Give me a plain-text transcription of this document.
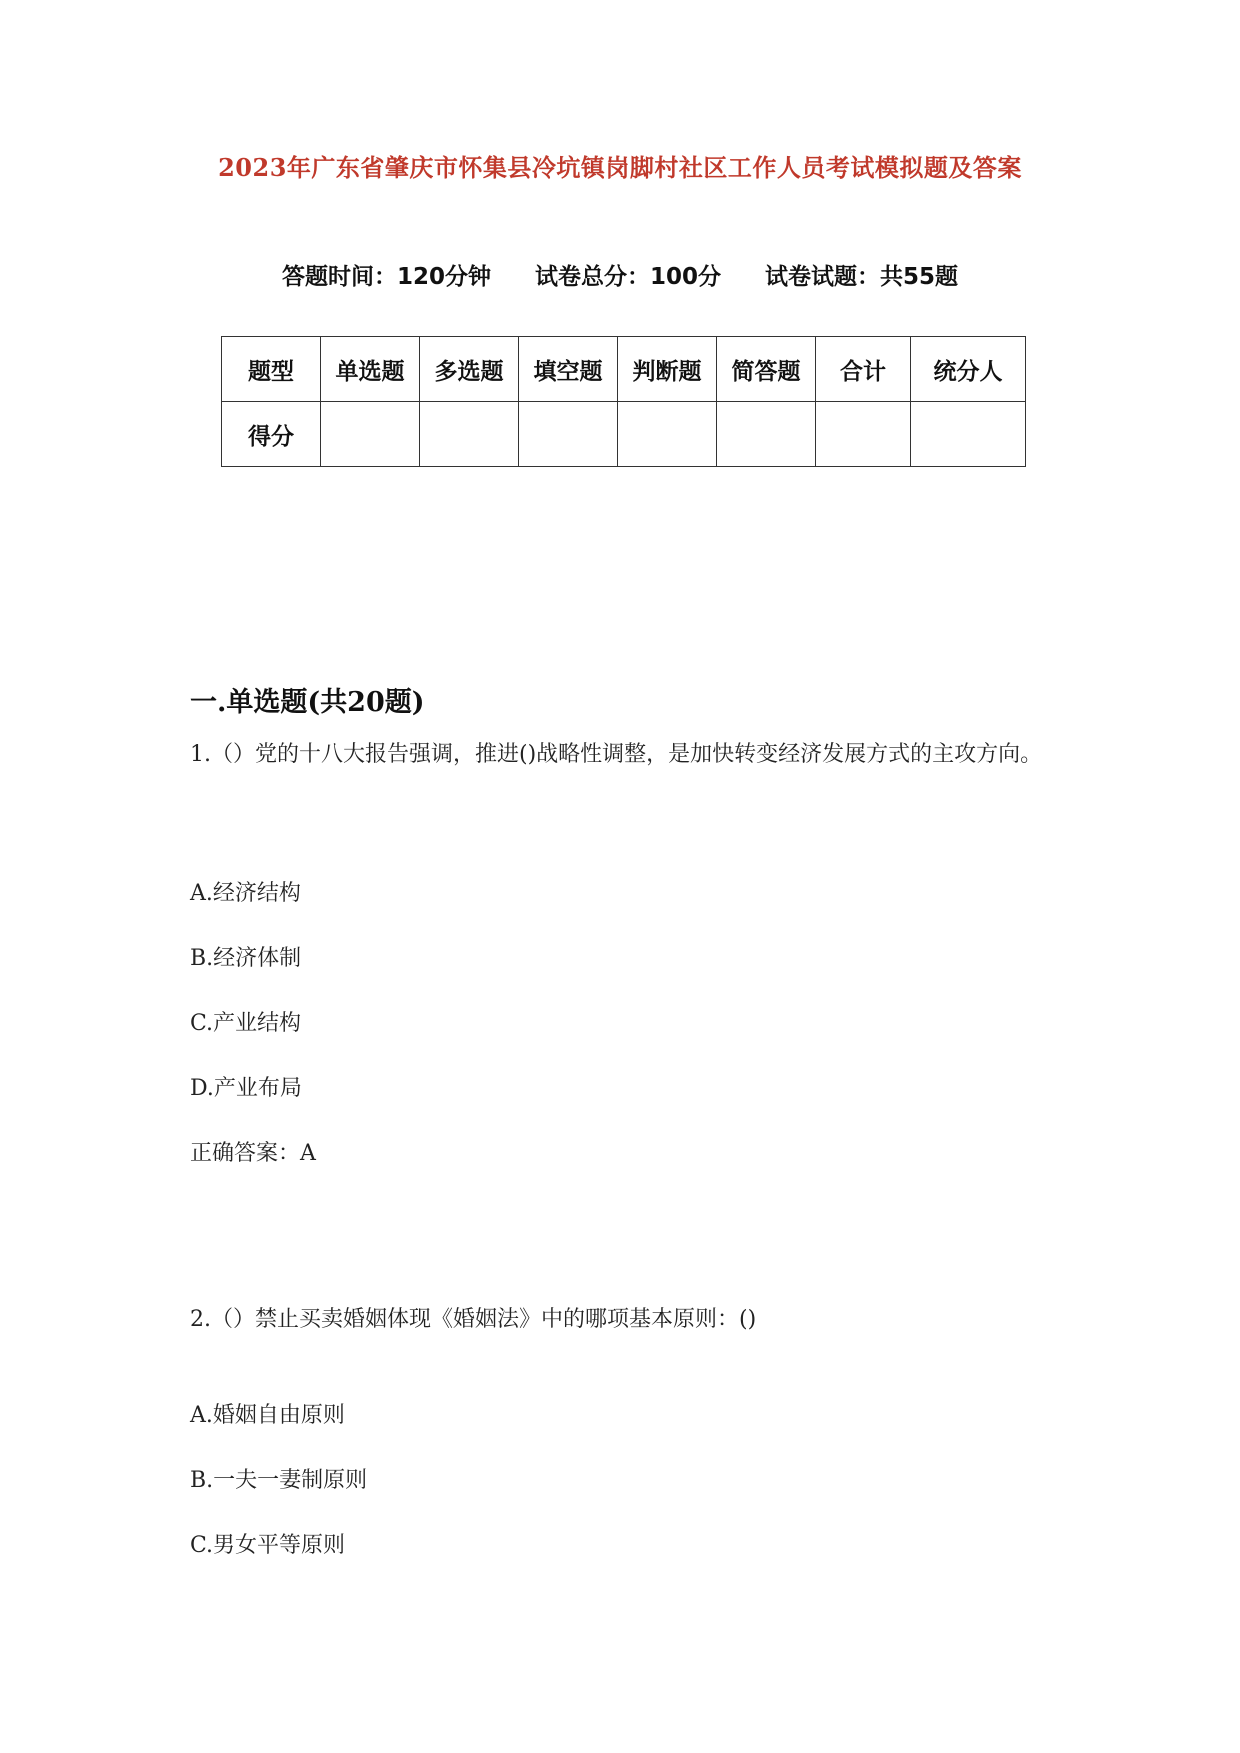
2023年广东省肇庆市怀集县冷坑镇岗脚村社区工作人员考试模拟题及答案
答题时间：120分钟 试卷总分：100分 试卷试题：共55题
题型	单选题	多选题	填空题	判断题	简答题	合计	统分人
得分							
一.单选题(共20题)
1.（）党的十八大报告强调，推进()战略性调整，是加快转变经济发展方式的主攻方向。
A.经济结构
B.经济体制
C.产业结构
D.产业布局
正确答案：A
2.（）禁止买卖婚姻体现《婚姻法》中的哪项基本原则：()
A.婚姻自由原则
B.一夫一妻制原则
C.男女平等原则
